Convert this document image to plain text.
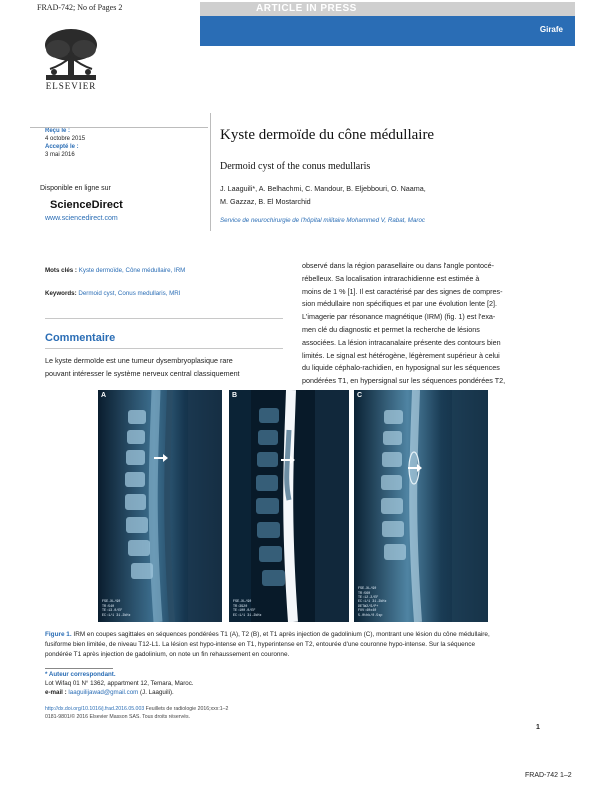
FRAD-742; No of Pages 2	ARTICLE IN PRESS
Girafe
ELSEVIER
Reçu le :
4 octobre 2015
Accepté le :
3 mai 2016
Disponible en ligne sur
ScienceDirect
www.sciencedirect.com
Kyste dermoïde du cône médullaire
Dermoid cyst of the conus medullaris
J. Laaguili*, A. Belhachmi, C. Mandour, B. Eljebbouri, O. Naama,
M. Gazzaz, B. El Mostarchid
Service de neurochirurgie de l'hôpital militaire Mohammed V, Rabat, Maroc
Mots clés : Kyste dermoïde, Cône médullaire, IRM
Keywords: Dermoid cyst, Conus medullaris, MRI
Commentaire
Le kyste dermoïde est une tumeur dysembryoplasique rare
pouvant intéresser le système nerveux central classiquement
observé dans la région parasellaire ou dans l'angle pontocé-
rébelleux. Sa localisation intrarachidienne est estimée à
moins de 1 % [1]. Il est caractérisé par des signes de compres-
sion médullaire non spécifiques et par une évolution lente [2].
L'imagerie par résonance magnétique (IRM) (fig. 1) est l'exa-
men clé du diagnostic et permet la recherche de lésions
associées. La lésion intracanalaire présente des contours bien
limités. Le signal est hétérogène, légèrement supérieur à celui
du liquide céphalo-rachidien, en hyposignal sur les séquences
pondérées T1, en hypersignal sur les séquences pondérées T2,
A
FSE-XL/90
TR:540
TE:13.0/EF
EC:1/1 31.2kHz
B
FSE-XL/90
TR:3920
TE:100.0/EF
EC:1/1 31.2kHz
C
FSE-XL/90
TR:560
TE:12.2/EF
EC:1/1 31.2kHz
DETW2/S/P+
FOV:40x40
5.0thk/0.5sp
Figure 1. IRM en coupes sagittales en séquences pondérées T1 (A), T2 (B), et T1 après injection de gadolinium (C), montrant une lésion du cône médullaire,
fusiforme bien limitée, de niveau T12-L1. La lésion est hypo-intense en T1, hyperintense en T2, entourée d'une couronne hypo-intense. Sur la séquence
pondérée T1 après injection de gadolinium, on note un fin rehaussement en couronne.
* Auteur correspondant.
Lot Wifaq 01 N° 1362, appartment 12, Temara, Maroc.
e-mail : laaguilijawad@gmail.com (J. Laaguili).
http://dx.doi.org/10.1016/j.frad.2016.05.003 Feuillets de radiologie 2016;xxx:1–2
0181-9801/© 2016 Elsevier Masson SAS. Tous droits réservés.
1
FRAD-742 1–2
